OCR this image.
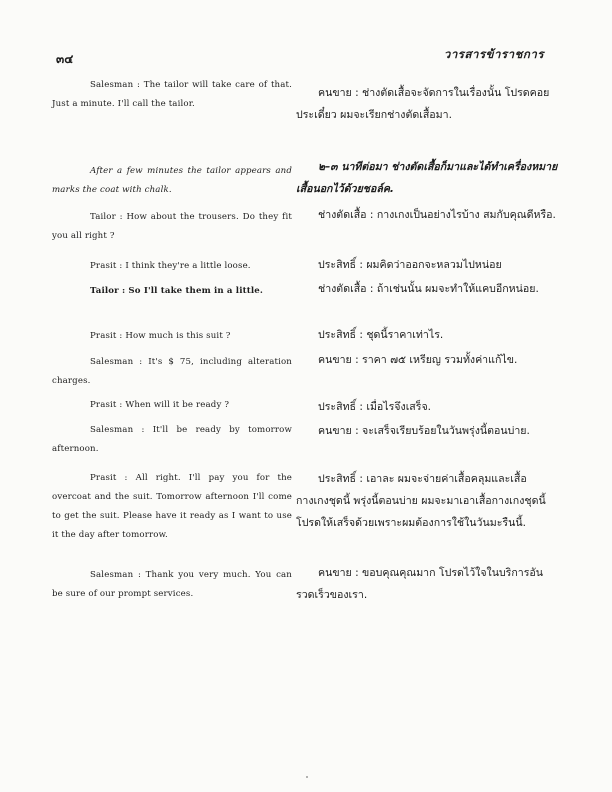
๓๔	วารสารข้าราชการ

Salesman : The tailor will take care of that. Just a minute. I'll call the tailor.

After a few minutes the tailor appears and marks the coat with chalk.

Tailor : How about the trousers. Do they fit you all right ?

Prasit : I think they're a little loose.

Tailor : So I'll take them in a little.

Prasit : How much is this suit ?

Salesman : It's $ 75, including alteration charges.

Prasit : When will it be ready ?

Salesman : It'll be ready by tomorrow afternoon.

Prasit : All right. I'll pay you for the overcoat and the suit. Tomorrow afternoon I'll come to get the suit. Please have it ready as I want to use it the day after tomorrow.

Salesman : Thank you very much. You can be sure of our prompt services.

คนขาย : ช่างตัดเสื้อจะจัดการในเรื่องนั้น โปรดคอยประเดี๋ยว ผมจะเรียกช่างตัดเสื้อมา.

๒–๓ นาทีต่อมา ช่างตัดเสื้อก็มาและได้ทำเครื่องหมายเสื้อนอกไว้ด้วยชอล์ค.

ช่างตัดเสื้อ : กางเกงเป็นอย่างไรบ้าง สมกับคุณดีหรือ.

ประสิทธิ์ : ผมคิดว่าออกจะหลวมไปหน่อย

ช่างตัดเสื้อ : ถ้าเช่นนั้น ผมจะทำให้แคบอีกหน่อย.

ประสิทธิ์ : ชุดนี้ราคาเท่าไร.

คนขาย : ราคา ๗๕ เหรียญ รวมทั้งค่าแก้ไข.

ประสิทธิ์ : เมื่อไรจึงเสร็จ.

คนขาย : จะเสร็จเรียบร้อยในวันพรุ่งนี้ตอนบ่าย.

ประสิทธิ์ : เอาละ ผมจะจ่ายค่าเสื้อคลุมและเสื้อกางเกงชุดนี้ พรุ่งนี้ตอนบ่าย ผมจะมาเอาเสื้อกางเกงชุดนี้ โปรดให้เสร็จด้วยเพราะผมต้องการใช้ในวันมะรืนนี้.

คนขาย : ขอบคุณคุณมาก โปรดไว้ใจในบริการอันรวดเร็วของเรา.
